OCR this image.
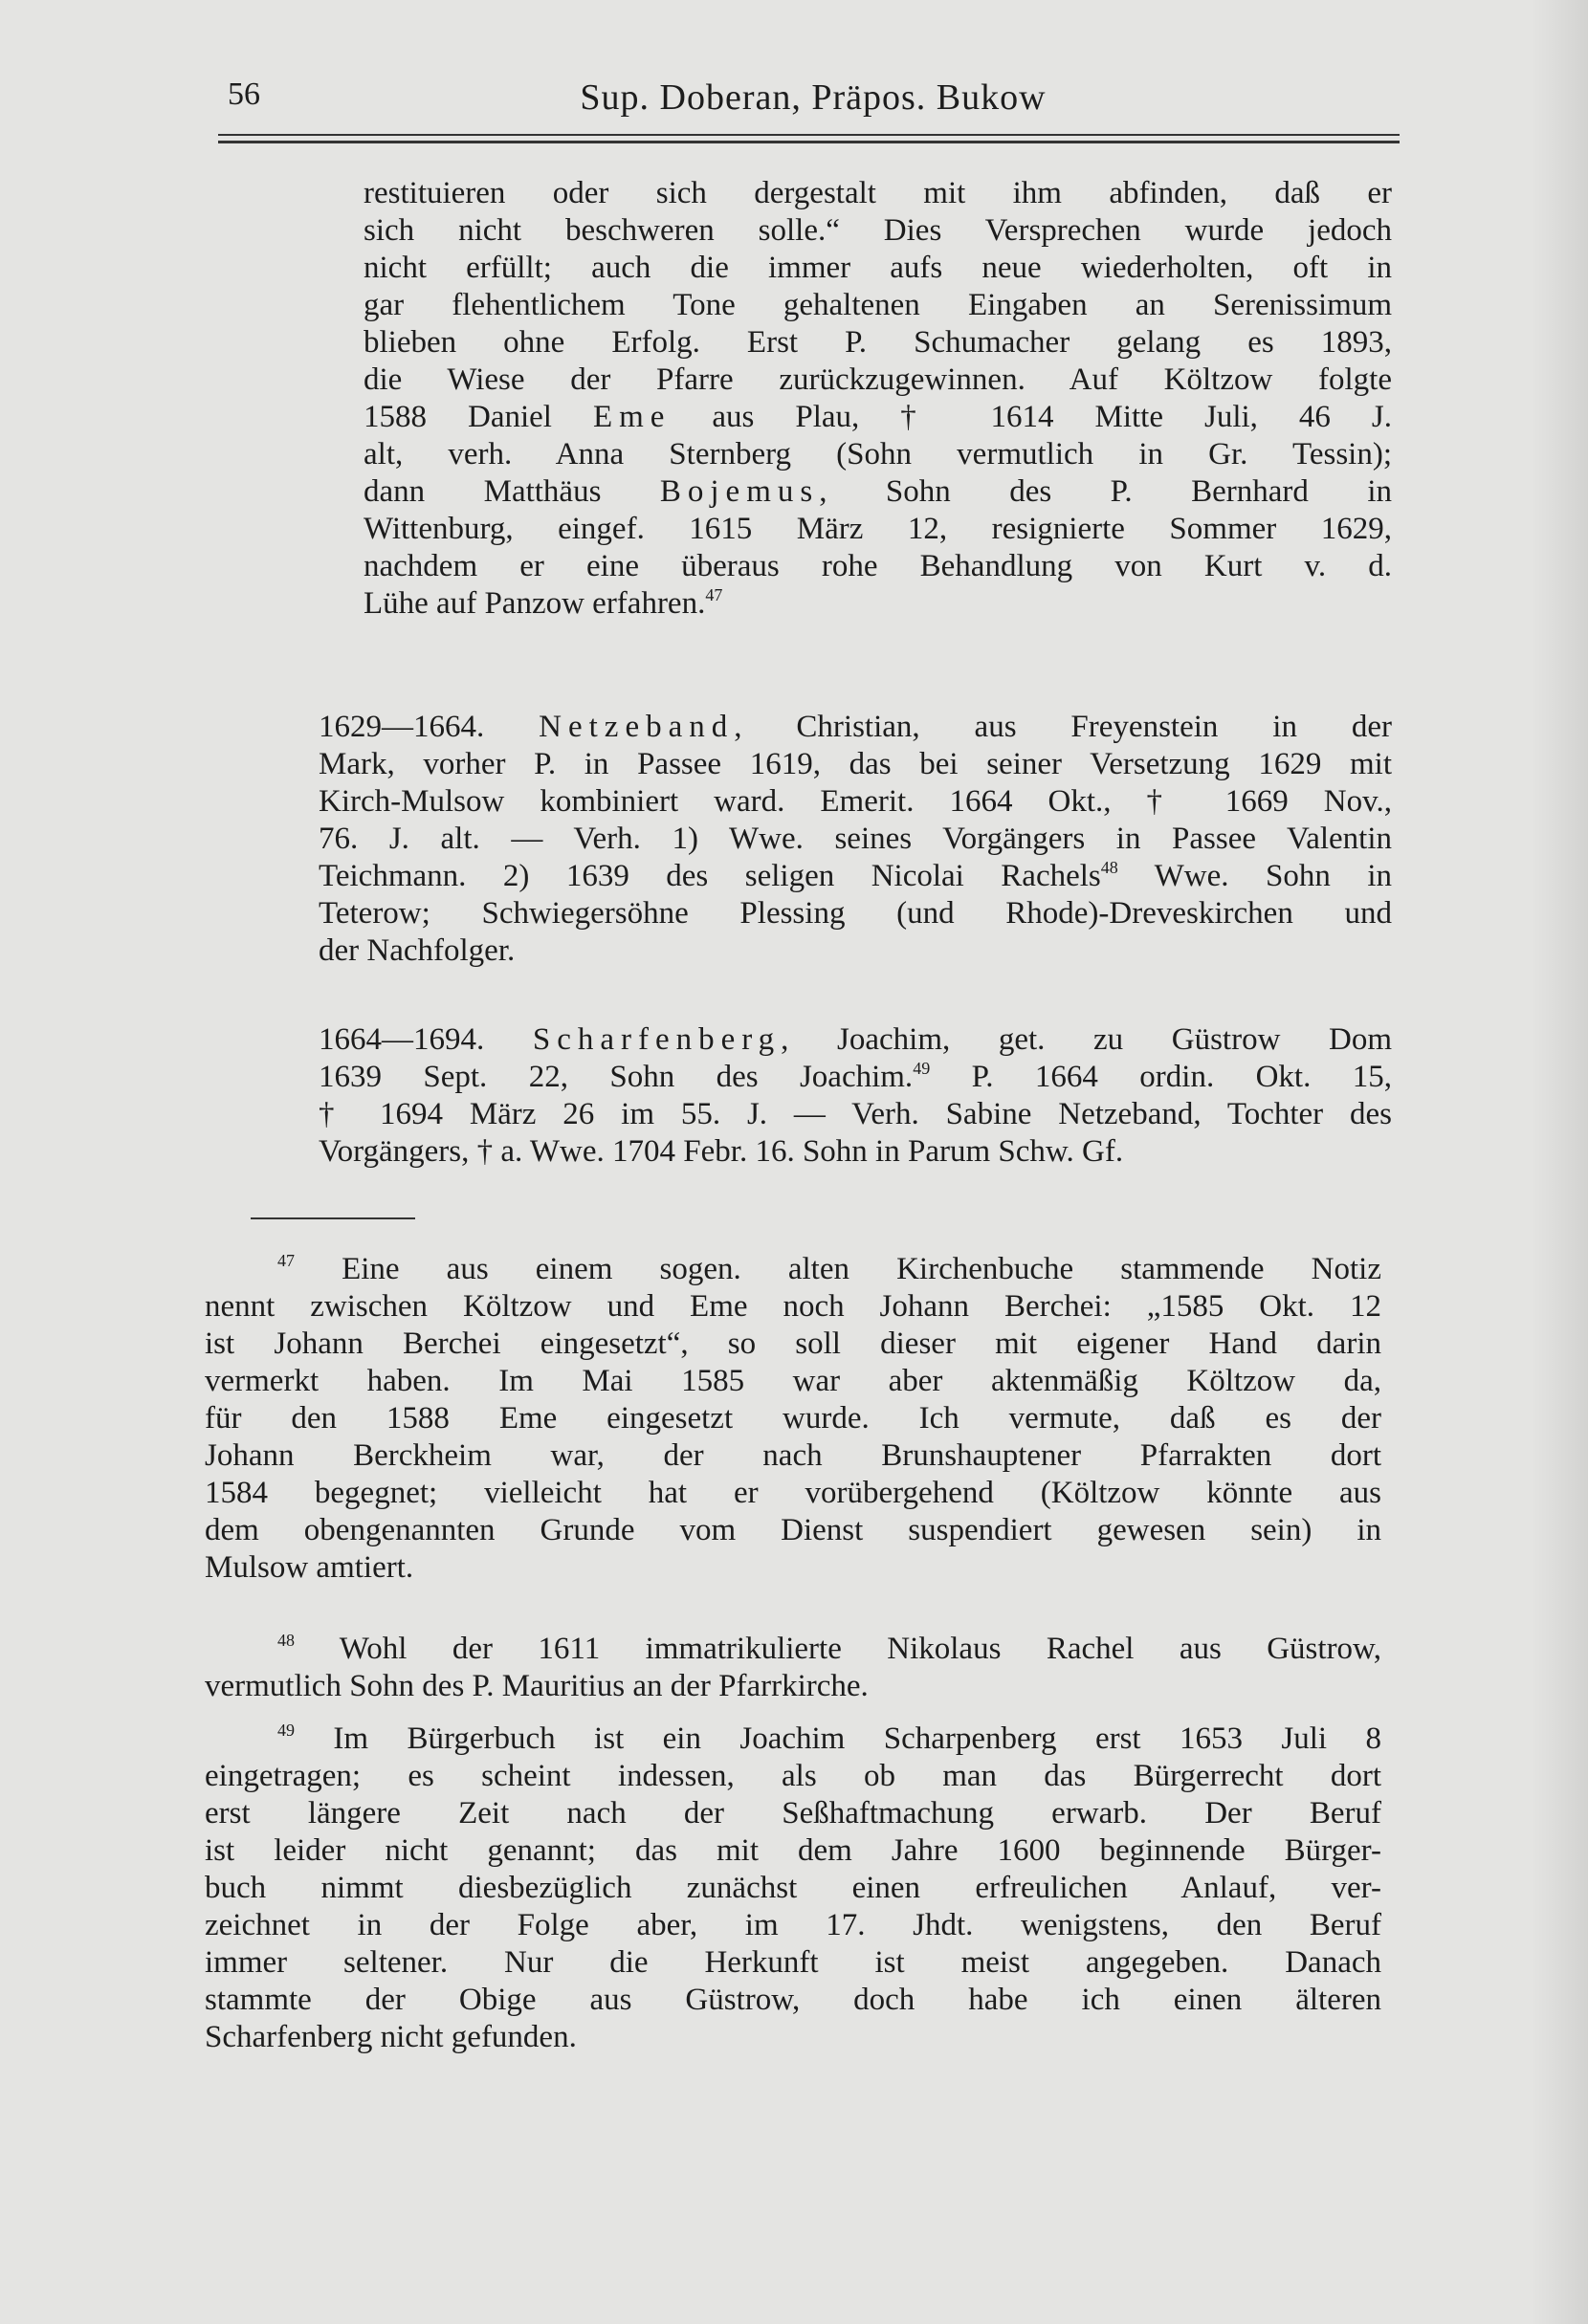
56	Sup. Doberan, Präpos. Bukow
restituieren oder sich dergestalt mit ihm abfinden, daß er
sich nicht beschweren solle.“ Dies Versprechen wurde jedoch
nicht erfüllt; auch die immer aufs neue wiederholten, oft in
gar flehentlichem Tone gehaltenen Eingaben an Serenissimum
blieben ohne Erfolg. Erst P. Schumacher gelang es 1893,
die Wiese der Pfarre zurückzugewinnen. Auf Költzow folgte
1588 Daniel Eme aus Plau, † 1614 Mitte Juli, 46 J.
alt, verh. Anna Sternberg (Sohn vermutlich in Gr. Tessin);
dann Matthäus Bojemus, Sohn des P. Bernhard in
Wittenburg, eingef. 1615 März 12, resignierte Sommer 1629,
nachdem er eine überaus rohe Behandlung von Kurt v. d.
Lühe auf Panzow erfahren.$^{47}$
1629—1664. Netzeband, Christian, aus Freyenstein in der
Mark, vorher P. in Passee 1619, das bei seiner Versetzung 1629 mit
Kirch-Mulsow kombiniert ward. Emerit. 1664 Okt., † 1669 Nov.,
76. J. alt. — Verh. 1) Wwe. seines Vorgängers in Passee Valentin
Teichmann. 2) 1639 des seligen Nicolai Rachels$^{48}$ Wwe. Sohn in
Teterow; Schwiegersöhne Plessing (und Rhode)-Dreveskirchen und
der Nachfolger.
1664—1694. Scharfenberg, Joachim, get. zu Güstrow Dom
1639 Sept. 22, Sohn des Joachim.$^{49}$ P. 1664 ordin. Okt. 15,
† 1694 März 26 im 55. J. — Verh. Sabine Netzeband, Tochter des
Vorgängers, † a. Wwe. 1704 Febr. 16. Sohn in Parum Schw. Gf.
$^{47}$ Eine aus einem sogen. alten Kirchenbuche stammende Notiz
nennt zwischen Költzow und Eme noch Johann Berchei: „1585 Okt. 12
ist Johann Berchei eingesetzt“, so soll dieser mit eigener Hand darin
vermerkt haben. Im Mai 1585 war aber aktenmäßig Költzow da,
für den 1588 Eme eingesetzt wurde. Ich vermute, daß es der
Johann Berckheim war, der nach Brunshauptener Pfarrakten dort
1584 begegnet; vielleicht hat er vorübergehend (Költzow könnte aus
dem obengenannten Grunde vom Dienst suspendiert gewesen sein) in
Mulsow amtiert.
$^{48}$ Wohl der 1611 immatrikulierte Nikolaus Rachel aus Güstrow,
vermutlich Sohn des P. Mauritius an der Pfarrkirche.
$^{49}$ Im Bürgerbuch ist ein Joachim Scharpenberg erst 1653 Juli 8
eingetragen; es scheint indessen, als ob man das Bürgerrecht dort
erst längere Zeit nach der Seßhaftmachung erwarb. Der Beruf
ist leider nicht genannt; das mit dem Jahre 1600 beginnende Bürger-
buch nimmt diesbezüglich zunächst einen erfreulichen Anlauf, ver-
zeichnet in der Folge aber, im 17. Jhdt. wenigstens, den Beruf
immer seltener. Nur die Herkunft ist meist angegeben. Danach
stammte der Obige aus Güstrow, doch habe ich einen älteren
Scharfenberg nicht gefunden.
